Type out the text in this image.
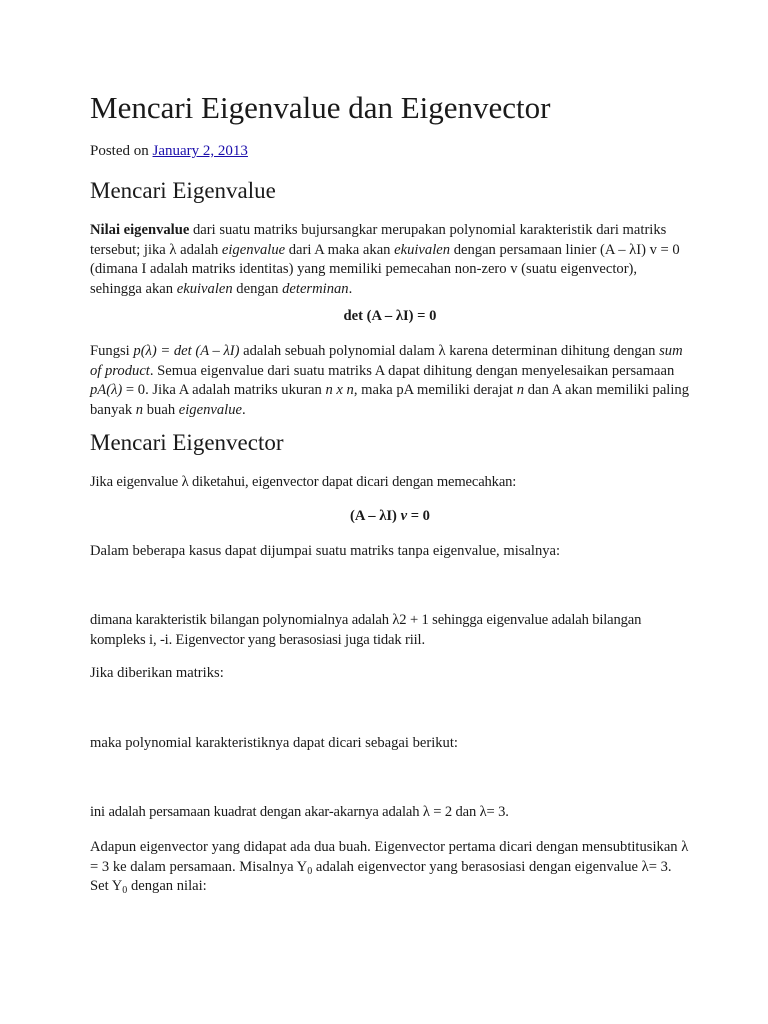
Mencari Eigenvalue dan Eigenvector
Posted on January 2, 2013
Mencari Eigenvalue

Nilai eigenvalue dari suatu matriks bujursangkar merupakan polynomial karakteristik dari matriks tersebut; jika λ adalah eigenvalue dari A maka akan ekuivalen dengan persamaan linier (A – λI) v = 0 (dimana I adalah matriks identitas) yang memiliki pemecahan non-zero v (suatu eigenvector), sehingga akan ekuivalen dengan determinan.

det (A – λI) = 0

Fungsi p(λ) = det (A – λI) adalah sebuah polynomial dalam λ karena determinan dihitung dengan sum of product. Semua eigenvalue dari suatu matriks A dapat dihitung dengan menyelesaikan persamaan pA(λ) = 0. Jika A adalah matriks ukuran n x n, maka pA memiliki derajat n dan A akan memiliki paling banyak n buah eigenvalue.

Mencari Eigenvector

Jika eigenvalue λ diketahui, eigenvector dapat dicari dengan memecahkan:

(A – λI) v = 0

Dalam beberapa kasus dapat dijumpai suatu matriks tanpa eigenvalue, misalnya:

dimana karakteristik bilangan polynomialnya adalah λ2 + 1 sehingga eigenvalue adalah bilangan kompleks i, -i. Eigenvector yang berasosiasi juga tidak riil.

Jika diberikan matriks:

maka polynomial karakteristiknya dapat dicari sebagai berikut:

ini adalah persamaan kuadrat dengan akar-akarnya adalah λ = 2 dan λ= 3.

Adapun eigenvector yang didapat ada dua buah. Eigenvector pertama dicari dengan mensubtitusikan λ = 3 ke dalam persamaan. Misalnya $Y_0$ adalah eigenvector yang berasosiasi dengan eigenvalue λ= 3. Set $Y_0$ dengan nilai:
